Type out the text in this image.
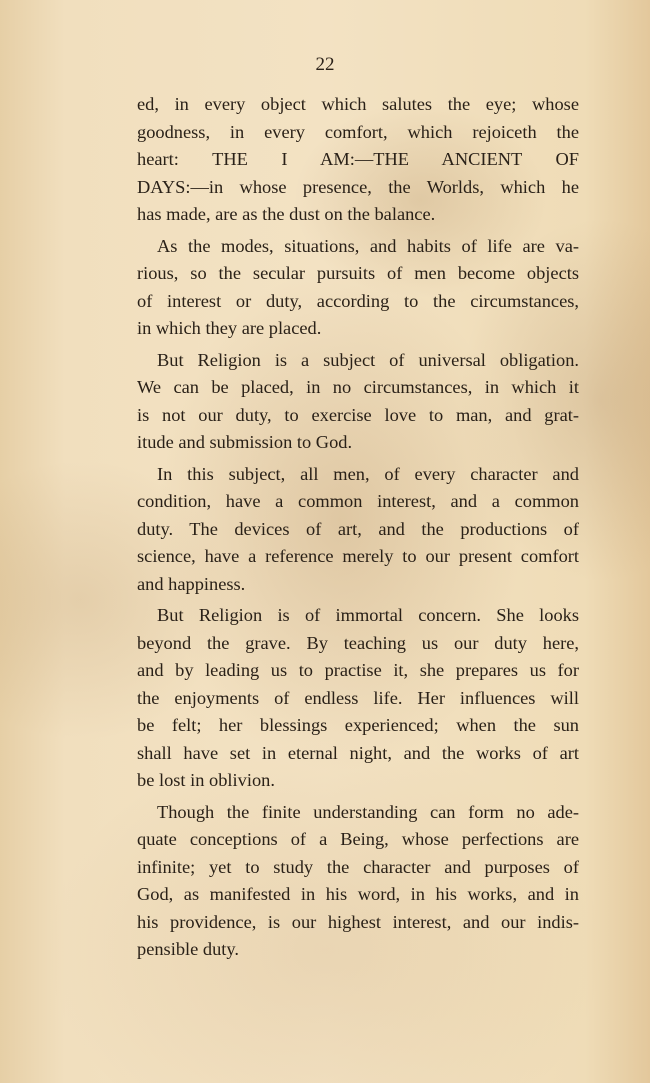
22
ed, in every object which salutes the eye; whose
goodness, in every comfort, which rejoiceth the
heart: THE I AM:—THE ANCIENT OF
DAYS:—in whose presence, the Worlds, which he
has made, are as the dust on the balance.
As the modes, situations, and habits of life are va-
rious, so the secular pursuits of men become objects
of interest or duty, according to the circumstances,
in which they are placed.
But Religion is a subject of universal obligation.
We can be placed, in no circumstances, in which it
is not our duty, to exercise love to man, and grat-
itude and submission to God.
In this subject, all men, of every character and
condition, have a common interest, and a common
duty. The devices of art, and the productions of
science, have a reference merely to our present comfort
and happiness.
But Religion is of immortal concern. She looks
beyond the grave. By teaching us our duty here,
and by leading us to practise it, she prepares us for
the enjoyments of endless life. Her influences will
be felt; her blessings experienced; when the sun
shall have set in eternal night, and the works of art
be lost in oblivion.
Though the finite understanding can form no ade-
quate conceptions of a Being, whose perfections are
infinite; yet to study the character and purposes of
God, as manifested in his word, in his works, and in
his providence, is our highest interest, and our indis-
pensible duty.
